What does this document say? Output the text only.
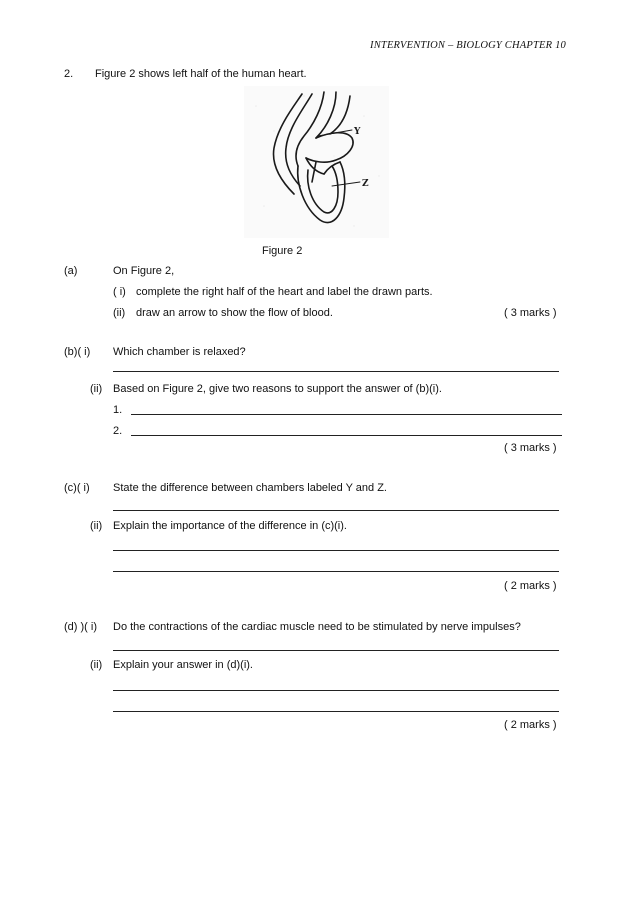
INTERVENTION – BIOLOGY CHAPTER 10
2. Figure 2 shows left half of the human heart.
Y
Z
Figure 2
(a)	On Figure 2,
( i) complete the right half of the heart and label the drawn parts.
(ii) draw an arrow to show the flow of blood.	( 3 marks )
(b)( i) Which chamber is relaxed?
(ii) Based on Figure 2, give two reasons to support the answer of (b)(i).
1.
2.
( 3 marks )
(c)( i) State the difference between chambers labeled Y and Z.
(ii) Explain the importance of the difference in (c)(i).
( 2 marks )
(d) )( i) Do the contractions of the cardiac muscle need to be stimulated by nerve impulses?
(ii) Explain your answer in (d)(i).
( 2 marks )
